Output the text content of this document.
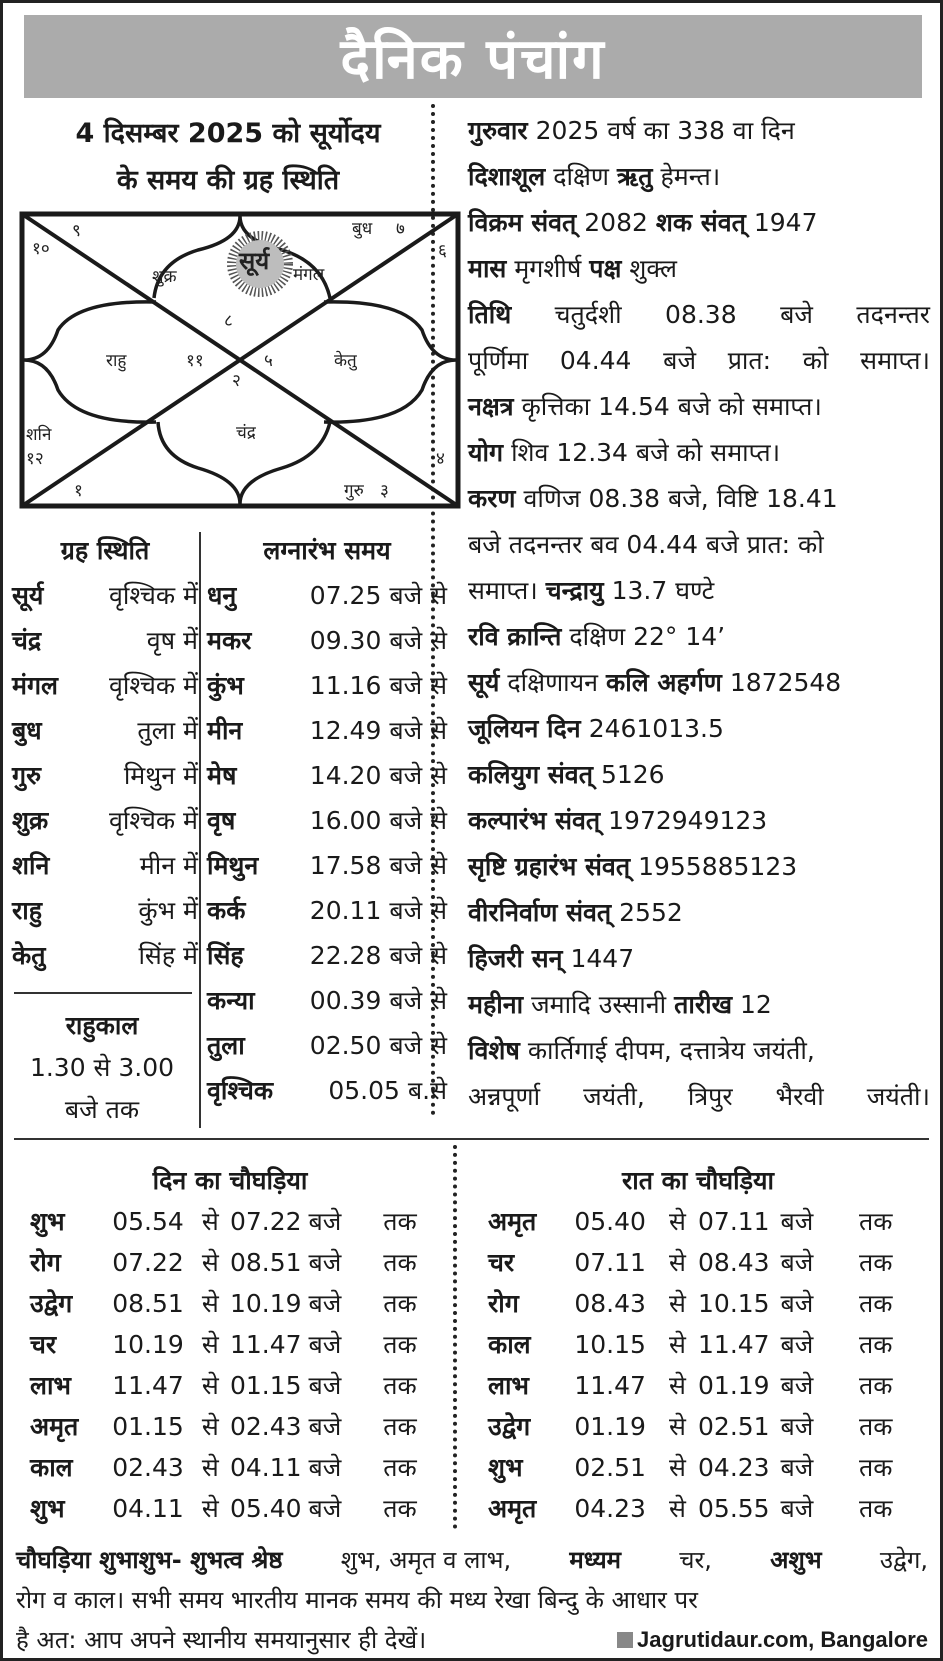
दैनिक पंचांग
4 दिसम्बर 2025 को सूर्योदय
के समय की ग्रह स्थिति
सूर्य
शुक्र	मंगल
बुध
राहु	केतु
शनि	चंद्र
गुरु
९
१०
७
६
८
११	५
२
१२	४
१	३
गुरुवार 2025 वर्ष का 338 वा दिन
दिशाशूल दक्षिण ऋतु हेमन्त।
विक्रम संवत् 2082 शक संवत् 1947
मास मृगशीर्ष पक्ष शुक्ल
तिथि चतुर्दशी 08.38 बजे तदनन्तर
पूर्णिमा 04.44 बजे प्रात: को समाप्त।
नक्षत्र कृत्तिका 14.54 बजे को समाप्त।
योग शिव 12.34 बजे को समाप्त।
करण वणिज 08.38 बजे, विष्टि 18.41
बजे तदनन्तर बव 04.44 बजे प्रात: को
समाप्त। चन्द्रायु 13.7 घण्टे
रवि क्रान्ति दक्षिण 22° 14’
सूर्य दक्षिणायन कलि अहर्गण 1872548
जूलियन दिन 2461013.5
कलियुग संवत् 5126
कल्पारंभ संवत् 1972949123
सृष्टि ग्रहारंभ संवत् 1955885123
वीरनिर्वाण संवत् 2552
हिजरी सन् 1447
महीना जमादि उस्सानी तारीख 12
विशेष कार्तिगाई दीपम, दत्तात्रेय जयंती,
अन्नपूर्णा जयंती, त्रिपुर भैरवी जयंती।
ग्रह स्थिति
सूर्य	वृश्चिक में
चंद्र	वृष में
मंगल वृश्चिक में
बुध	तुला में
गुरु	मिथुन में
शुक्र वृश्चिक में
शनि	मीन में
राहु	कुंभ में
केतु	सिंह में
राहुकाल
1.30 से 3.00
बजे तक
लग्नारंभ समय
धनु	07.25 बजे से
मकर	09.30 बजे से
कुंभ	11.16 बजे से
मीन	12.49 बजे से
मेष	14.20 बजे से
वृष	16.00 बजे से
मिथुन	17.58 बजे से
कर्क	20.11 बजे से
सिंह	22.28 बजे से
कन्या	00.39 बजे से
तुला	02.50 बजे से
वृश्चिक	05.05 ब.से
दिन का चौघड़िया
शुभ	05.54 से 07.22 बजे	तक
रोग	07.22 से 08.51 बजे	तक
उद्वेग	08.51 से 10.19 बजे	तक
चर	10.19 से 11.47 बजे	तक
लाभ	11.47 से 01.15 बजे	तक
अमृत	01.15 से 02.43 बजे	तक
काल	02.43 से 04.11 बजे	तक
शुभ	04.11 से 05.40 बजे	तक
रात का चौघड़िया
अमृत	05.40 से 07.11 बजे	तक
चर	07.11 से 08.43 बजे	तक
रोग	08.43 से 10.15 बजे	तक
काल	10.15 से 11.47 बजे	तक
लाभ	11.47 से 01.19 बजे	तक
उद्वेग	01.19 से 02.51 बजे	तक
शुभ	02.51 से 04.23 बजे	तक
अमृत	04.23 से 05.55 बजे	तक
चौघड़िया शुभाशुभ- शुभत्व श्रेष्ठ शुभ, अमृत व लाभ, मध्यम चर, अशुभ उद्वेग,
रोग व काल। सभी समय भारतीय मानक समय की मध्य रेखा बिन्दु के आधार पर
है अत: आप अपने स्थानीय समयानुसार ही देखें।	Jagrutidaur.com, Bangalore
